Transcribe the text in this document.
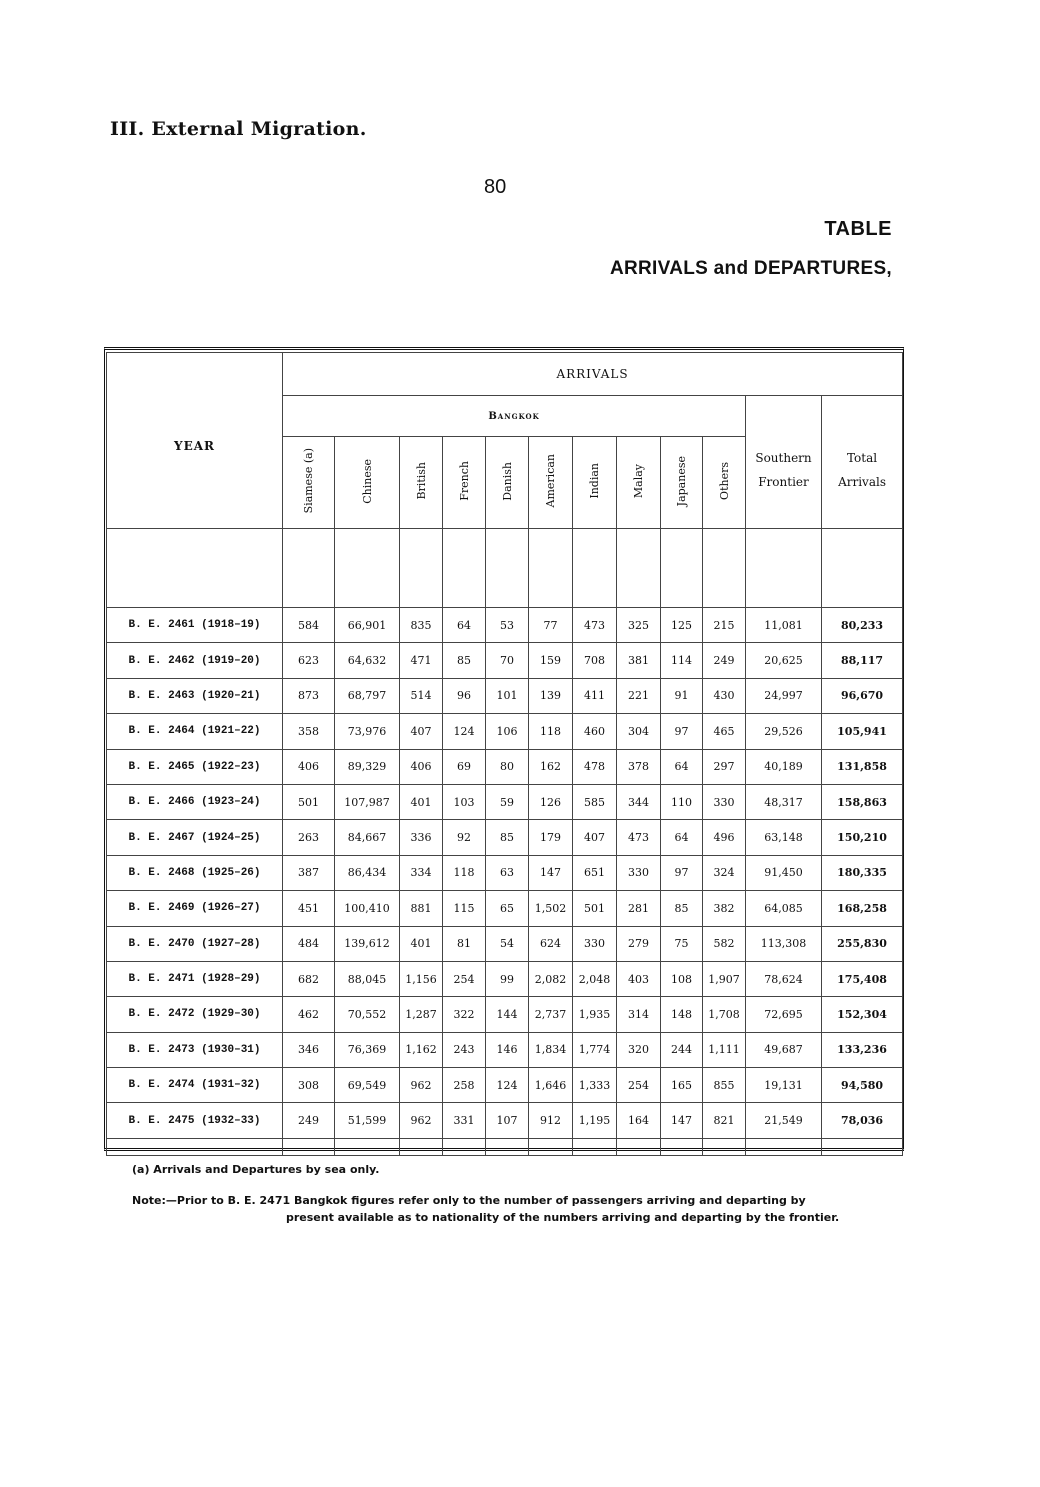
III. External Migration.
80
TABLE
ARRIVALS and DEPARTURES,
YEAR	ARRIVALS											
	Bangkok										Southern Frontier	Total Arrivals
	Siamese (a)	Chinese	British	French	Danish	American	Indian	Malay	Japanese	Others		

B. E. 2461 (1918–19)	584	66,901	835	64	53	77	473	325	125	215	11,081	80,233
B. E. 2462 (1919–20)	623	64,632	471	85	70	159	708	381	114	249	20,625	88,117
B. E. 2463 (1920–21)	873	68,797	514	96	101	139	411	221	91	430	24,997	96,670
B. E. 2464 (1921–22)	358	73,976	407	124	106	118	460	304	97	465	29,526	105,941
B. E. 2465 (1922–23)	406	89,329	406	69	80	162	478	378	64	297	40,189	131,858
B. E. 2466 (1923–24)	501	107,987	401	103	59	126	585	344	110	330	48,317	158,863
B. E. 2467 (1924–25)	263	84,667	336	92	85	179	407	473	64	496	63,148	150,210
B. E. 2468 (1925–26)	387	86,434	334	118	63	147	651	330	97	324	91,450	180,335
B. E. 2469 (1926–27)	451	100,410	881	115	65	1,502	501	281	85	382	64,085	168,258
B. E. 2470 (1927–28)	484	139,612	401	81	54	624	330	279	75	582	113,308	255,830
B. E. 2471 (1928–29)	682	88,045	1,156	254	99	2,082	2,048	403	108	1,907	78,624	175,408
B. E. 2472 (1929–30)	462	70,552	1,287	322	144	2,737	1,935	314	148	1,708	72,695	152,304
B. E. 2473 (1930–31)	346	76,369	1,162	243	146	1,834	1,774	320	244	1,111	49,687	133,236
B. E. 2474 (1931–32)	308	69,549	962	258	124	1,646	1,333	254	165	855	19,131	94,580
B. E. 2475 (1932–33)	249	51,599	962	331	107	912	1,195	164	147	821	21,549	78,036

(a) Arrivals and Departures by sea only.
Note:—Prior to B. E. 2471 Bangkok figures refer only to the number of passengers arriving and departing by
present available as to nationality of the numbers arriving and departing by the frontier.
